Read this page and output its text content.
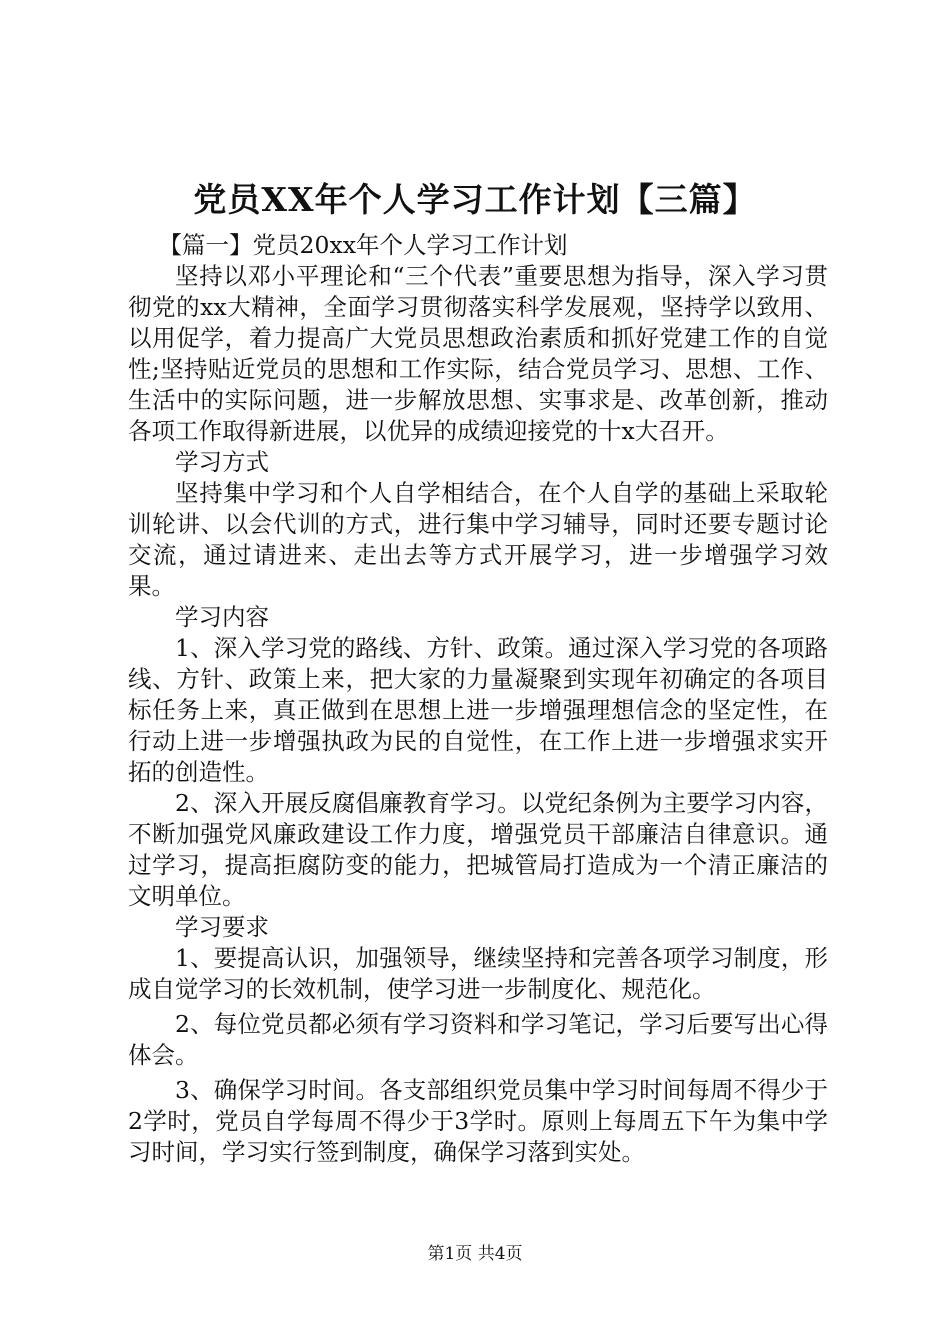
党员XX年个人学习工作计划【三篇】

【篇一】党员20xx年个人学习工作计划

坚持以邓小平理论和“三个代表”重要思想为指导，深入学习贯彻党的xx大精神，全面学习贯彻落实科学发展观，坚持学以致用、以用促学，着力提高广大党员思想政治素质和抓好党建工作的自觉性;坚持贴近党员的思想和工作实际，结合党员学习、思想、工作、生活中的实际问题，进一步解放思想、实事求是、改革创新，推动各项工作取得新进展，以优异的成绩迎接党的十x大召开。

学习方式

坚持集中学习和个人自学相结合，在个人自学的基础上采取轮训轮讲、以会代训的方式，进行集中学习辅导，同时还要专题讨论交流，通过请进来、走出去等方式开展学习，进一步增强学习效果。

学习内容

1、深入学习党的路线、方针、政策。通过深入学习党的各项路线、方针、政策上来，把大家的力量凝聚到实现年初确定的各项目标任务上来，真正做到在思想上进一步增强理想信念的坚定性，在行动上进一步增强执政为民的自觉性，在工作上进一步增强求实开拓的创造性。

2、深入开展反腐倡廉教育学习。以党纪条例为主要学习内容，不断加强党风廉政建设工作力度，增强党员干部廉洁自律意识。通过学习，提高拒腐防变的能力，把城管局打造成为一个清正廉洁的文明单位。

学习要求

1、要提高认识，加强领导，继续坚持和完善各项学习制度，形成自觉学习的长效机制，使学习进一步制度化、规范化。

2、每位党员都必须有学习资料和学习笔记，学习后要写出心得体会。

3、确保学习时间。各支部组织党员集中学习时间每周不得少于2学时，党员自学每周不得少于3学时。原则上每周五下午为集中学习时间，学习实行签到制度，确保学习落到实处。

第1页 共4页
